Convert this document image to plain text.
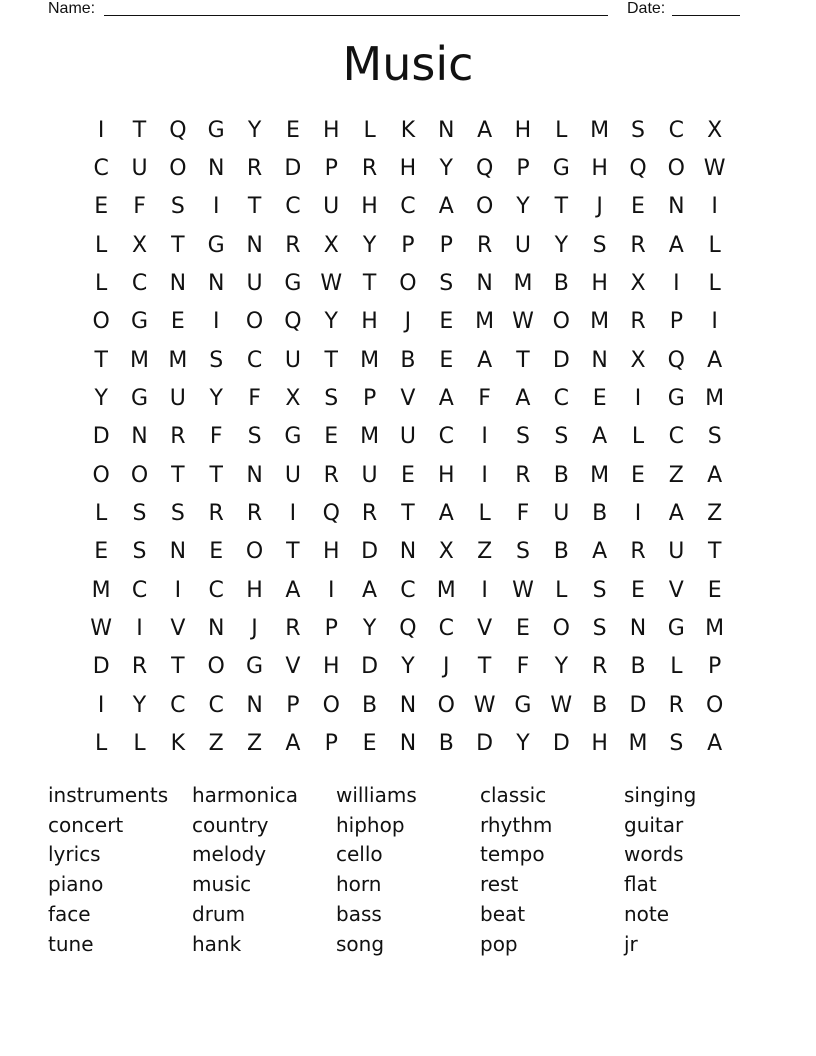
Name:	Date:
Music
I	T	Q G	Y	E	H	L	K	N	A	H	L	M S	C	X
C	U O N	R	D	P	R	H	Y	Q	P	G H Q O W
E	F	S	I	T	C	U	H	C	A	O	Y	T	J	E	N	I
L	X	T	G N	R	X	Y	P	P	R	U	Y	S	R	A	L
L	C	N N	U G W T	O	S	N M B	H	X	I	L
O G	E	I	O Q	Y	H	J	E M W O M R	P	I
T	M M S	C	U	T	M B	E	A	T	D N	X	Q	A
Y	G U	Y	F	X	S	P	V	A	F	A	C	E	I	G M
D N	R	F	S	G	E M U	C	I	S	S	A	L	C	S
O O	T	T	N	U	R	U	E	H	I	R	B M E	Z	A
L	S	S	R	R	I	Q	R	T	A	L	F	U	B	I	A	Z
E	S	N	E	O	T	H D N	X	Z	S	B	A	R	U	T
M C	I	C	H	A	I	A	C M	I	W L	S	E	V	E
W	I	V	N	J	R	P	Y	Q	C	V	E	O	S	N G M
D	R	T	O G	V	H D	Y	J	T	F	Y	R	B	L	P
I	Y	C	C	N	P	O	B	N O W G W B	D	R	O
L	L	K	Z	Z	A	P	E	N	B	D	Y	D H M S	A
instruments	harmonica	williams	classic	singing
concert	country	hiphop	rhythm	guitar
lyrics	melody	cello	tempo	words
piano	music	horn	rest	flat
face	drum	bass	beat	note
tune	hank	song	pop	jr
